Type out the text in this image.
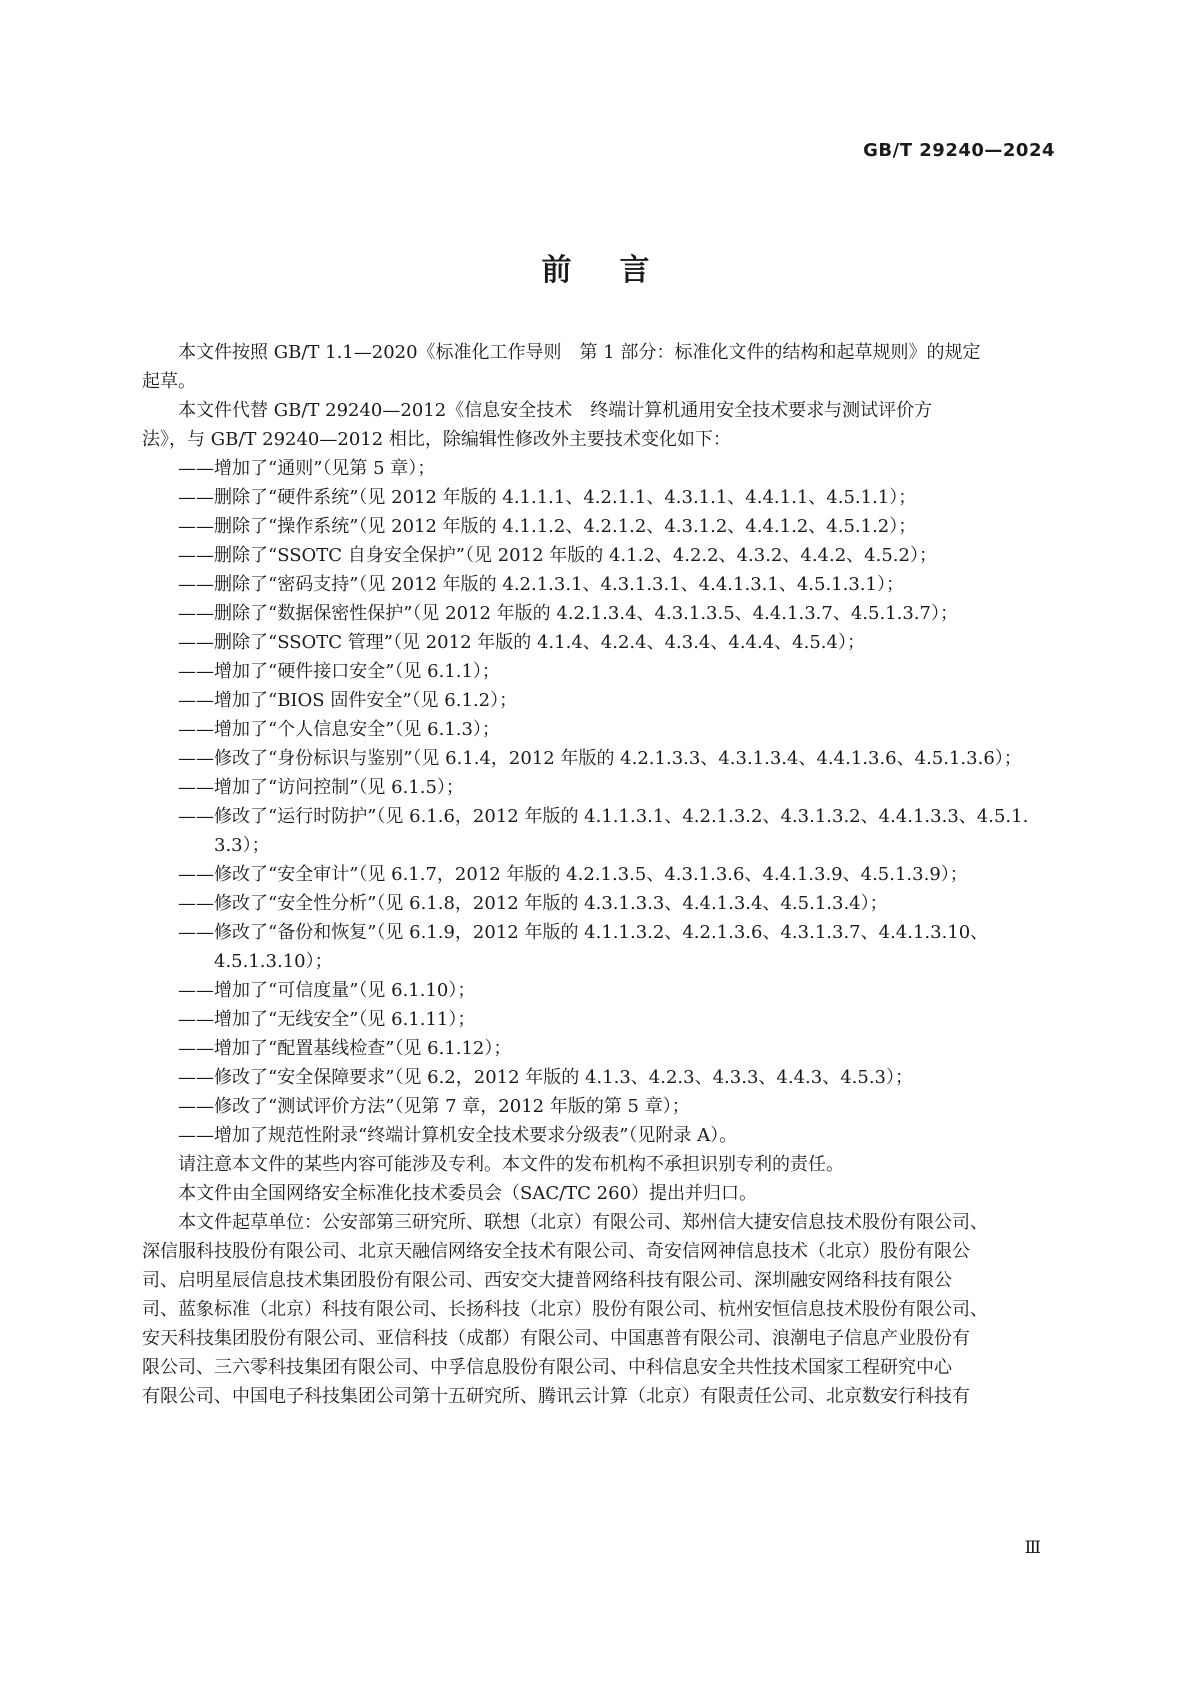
GB/T 29240—2024
前言

本文件按照 GB/T 1.1—2020《标准化工作导则　第 1 部分：标准化文件的结构和起草规则》的规定

起草。

本文件代替 GB/T 29240—2012《信息安全技术　终端计算机通用安全技术要求与测试评价方

法》，与 GB/T 29240—2012 相比，除编辑性修改外主要技术变化如下：

—— 增加了“通则”（见第 5 章）；
—— 删除了“硬件系统”（见 2012 年版的 4.1.1.1、4.2.1.1、4.3.1.1、4.4.1.1、4.5.1.1）；
—— 删除了“操作系统”（见 2012 年版的 4.1.1.2、4.2.1.2、4.3.1.2、4.4.1.2、4.5.1.2）；
—— 删除了“SSOTC 自身安全保护”（见 2012 年版的 4.1.2、4.2.2、4.3.2、4.4.2、4.5.2）；
—— 删除了“密码支持”（见 2012 年版的 4.2.1.3.1、4.3.1.3.1、4.4.1.3.1、4.5.1.3.1）；
—— 删除了“数据保密性保护”（见 2012 年版的 4.2.1.3.4、4.3.1.3.5、4.4.1.3.7、4.5.1.3.7）；
—— 删除了“SSOTC 管理”（见 2012 年版的 4.1.4、4.2.4、4.3.4、4.4.4、4.5.4）；
—— 增加了“硬件接口安全”（见 6.1.1）；
—— 增加了“BIOS 固件安全”（见 6.1.2）；
—— 增加了“个人信息安全”（见 6.1.3）；
—— 修改了“身份标识与鉴别”（见 6.1.4，2012 年版的 4.2.1.3.3、4.3.1.3.4、4.4.1.3.6、4.5.1.3.6）；
—— 增加了“访问控制”（见 6.1.5）；
—— 修改了“运行时防护”（见 6.1.6，2012 年版的 4.1.1.3.1、4.2.1.3.2、4.3.1.3.2、4.4.1.3.3、4.5.1.
3.3）；
—— 修改了“安全审计”（见 6.1.7，2012 年版的 4.2.1.3.5、4.3.1.3.6、4.4.1.3.9、4.5.1.3.9）；
—— 修改了“安全性分析”（见 6.1.8，2012 年版的 4.3.1.3.3、4.4.1.3.4、4.5.1.3.4）；
—— 修改了“备份和恢复”（见 6.1.9，2012 年版的 4.1.1.3.2、4.2.1.3.6、4.3.1.3.7、4.4.1.3.10、4.5.1.3.10）；
—— 增加了“可信度量”（见 6.1.10）；
—— 增加了“无线安全”（见 6.1.11）；
—— 增加了“配置基线检查”（见 6.1.12）；
—— 修改了“安全保障要求”（见 6.2，2012 年版的 4.1.3、4.2.3、4.3.3、4.4.3、4.5.3）；
—— 修改了“测试评价方法”（见第 7 章，2012 年版的第 5 章）；
—— 增加了规范性附录“终端计算机安全技术要求分级表”（见附录 A）。

请注意本文件的某些内容可能涉及专利。本文件的发布机构不承担识别专利的责任。

本文件由全国网络安全标准化技术委员会（SAC/TC 260）提出并归口。

本文件起草单位：公安部第三研究所、联想（北京）有限公司、郑州信大捷安信息技术股份有限公司、

深信服科技股份有限公司、北京天融信网络安全技术有限公司、奇安信网神信息技术（北京）股份有限公

司、启明星辰信息技术集团股份有限公司、西安交大捷普网络科技有限公司、深圳融安网络科技有限公

司、蓝象标准（北京）科技有限公司、长扬科技（北京）股份有限公司、杭州安恒信息技术股份有限公司、

安天科技集团股份有限公司、亚信科技（成都）有限公司、中国惠普有限公司、浪潮电子信息产业股份有

限公司、三六零科技集团有限公司、中孚信息股份有限公司、中科信息安全共性技术国家工程研究中心

有限公司、中国电子科技集团公司第十五研究所、腾讯云计算（北京）有限责任公司、北京数安行科技有

Ⅲ
